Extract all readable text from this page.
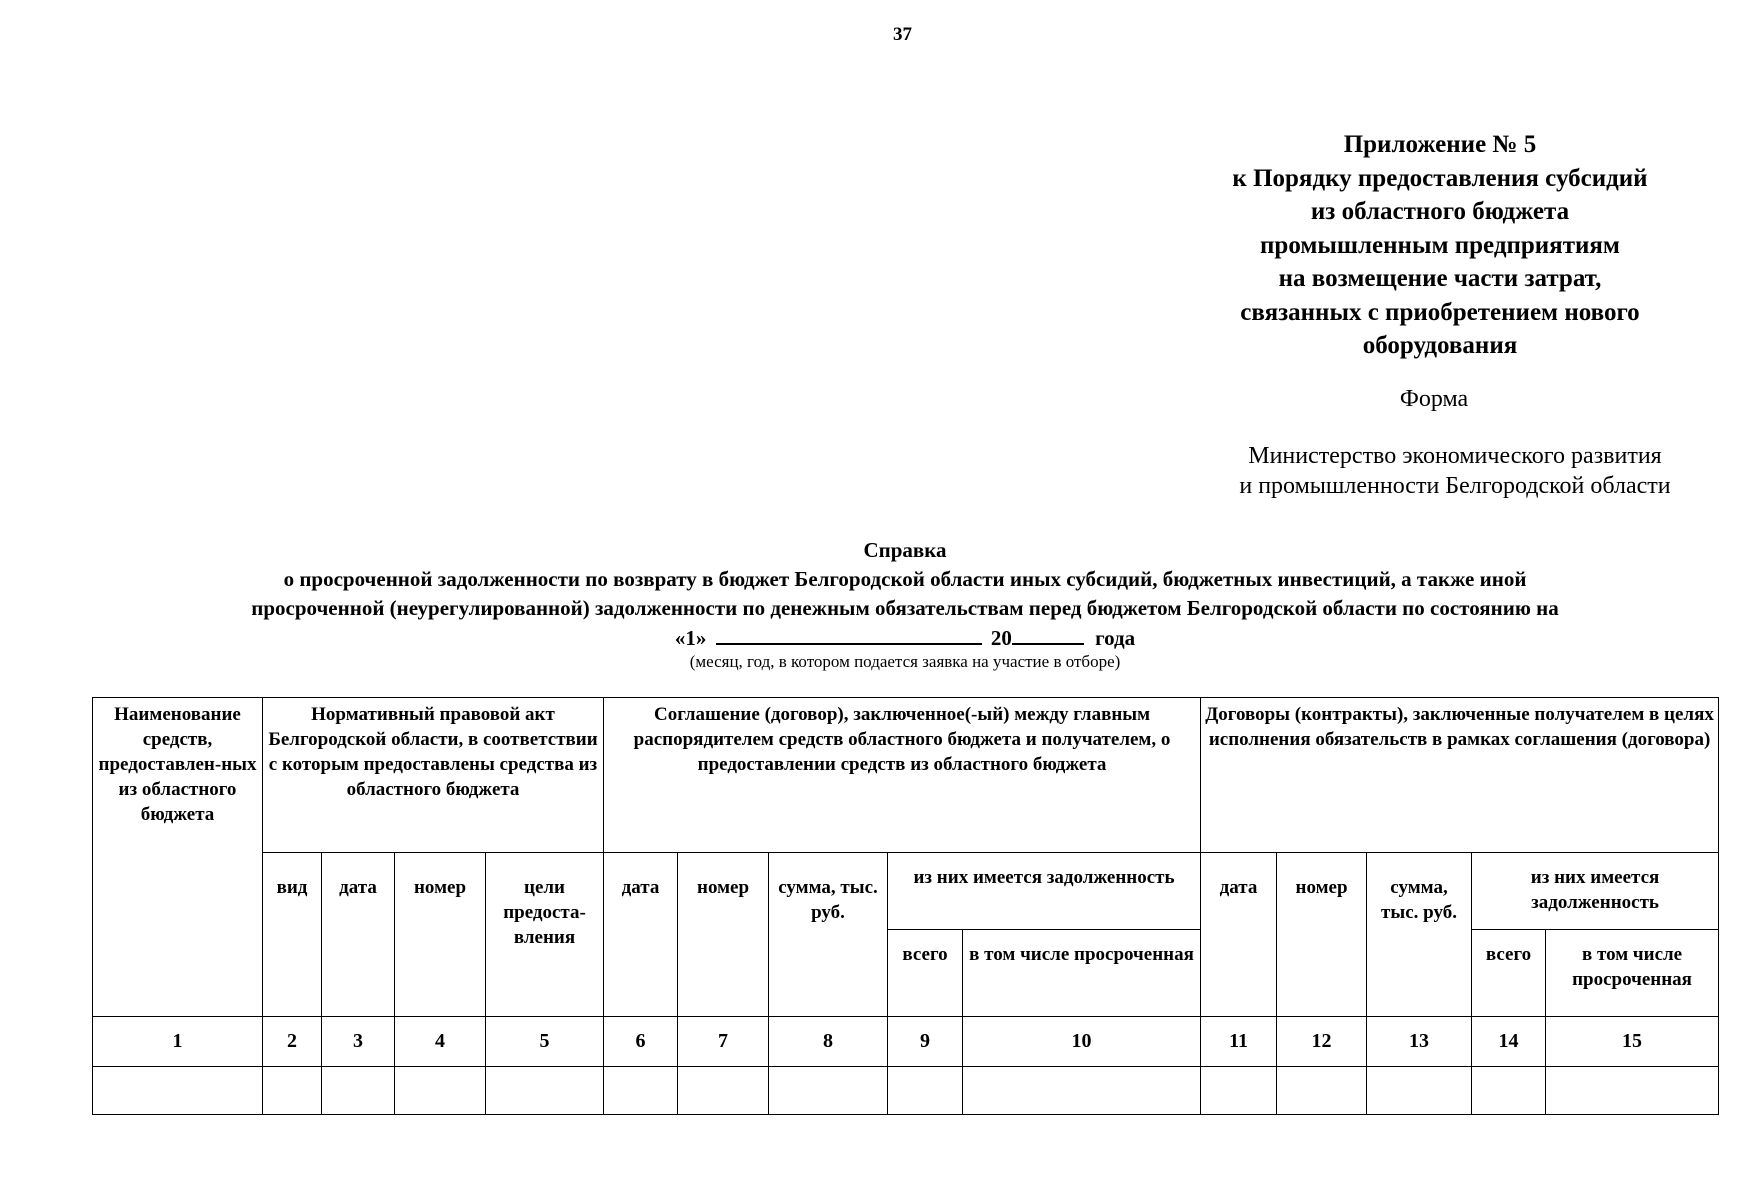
37
Приложение № 5
к Порядку предоставления субсидий
из областного бюджета
промышленным предприятиям
на возмещение части затрат,
связанных с приобретением нового
оборудования
Форма
Министерство экономического развития
и промышленности Белгородской области
Справка
о просроченной задолженности по возврату в бюджет Белгородской области иных субсидий, бюджетных инвестиций, а также иной
просроченной (неурегулированной) задолженности по денежным обязательствам перед бюджетом Белгородской области по состоянию на
«1»	20	года
(месяц, год, в котором подается заявка на участие в отборе)
Наименование средств, предоставлен-ных из областного бюджета	Нормативный правовой акт Белгородской области, в соответствии с которым предоставлены средства из областного бюджета				Соглашение (договор), заключенное(-ый) между главным распорядителем средств областного бюджета и получателем, о предоставлении средств из областного бюджета					Договоры (контракты), заключенные получателем в целях исполнения обязательств в рамках соглашения (договора)				
	вид	дата	номер	цели предоста-вления	дата	номер	сумма, тыс. руб.	из них имеется задолженность		дата	номер	сумма, тыс. руб.	из них имеется задолженность	
								всего	в том числе просроченная				всего	в том числе просроченная
1	2	3	4	5	6	7	8	9	10	11	12	13	14	15
